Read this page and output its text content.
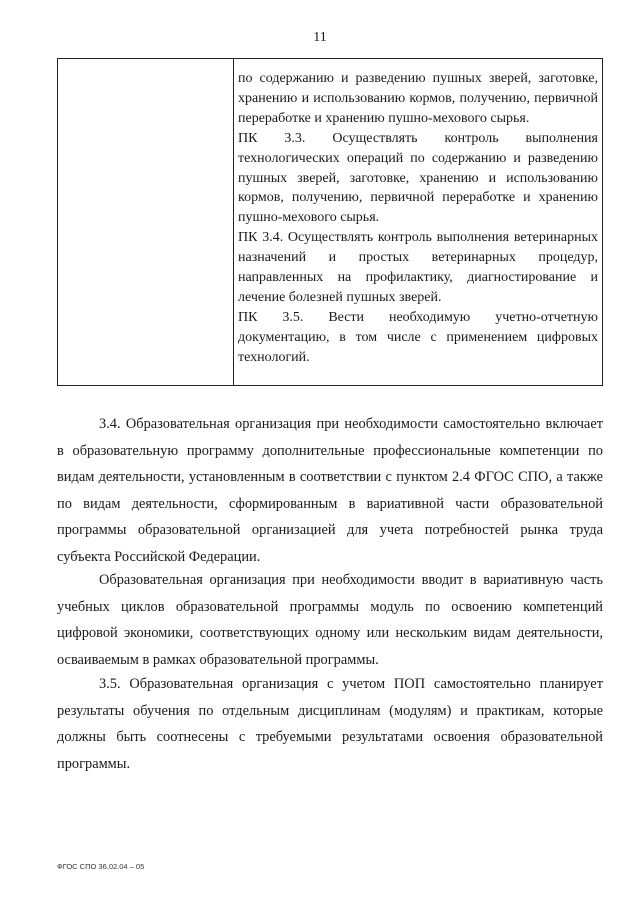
11

по содержанию и разведению пушных зверей, заготовке, хранению и использованию кормов, получению, первичной переработке и хранению пушно-мехового сырья.

ПК 3.3. Осуществлять контроль выполнения технологических операций по содержанию и разведению пушных зверей, заготовке, хранению и использованию кормов, получению, первичной переработке и хранению пушно-мехового сырья.

ПК 3.4. Осуществлять контроль выполнения ветеринарных назначений и простых ветеринарных процедур, направленных на профилактику, диагностирование и лечение болезней пушных зверей.

ПК 3.5. Вести необходимую учетно-отчетную документацию, в том числе с применением цифровых технологий.

3.4. Образовательная организация при необходимости самостоятельно включает в образовательную программу дополнительные профессиональные компетенции по видам деятельности, установленным в соответствии с пунктом 2.4 ФГОС СПО, а также по видам деятельности, сформированным в вариативной части образовательной программы образовательной организацией для учета потребностей рынка труда субъекта Российской Федерации.

Образовательная организация при необходимости вводит в вариативную часть учебных циклов образовательной программы модуль по освоению компетенций цифровой экономики, соответствующих одному или нескольким видам деятельности, осваиваемым в рамках образовательной программы.

3.5. Образовательная организация с учетом ПОП самостоятельно планирует результаты обучения по отдельным дисциплинам (модулям) и практикам, которые должны быть соотнесены с требуемыми результатами освоения образовательной программы.

ФГОС СПО 36.02.04 – 05
